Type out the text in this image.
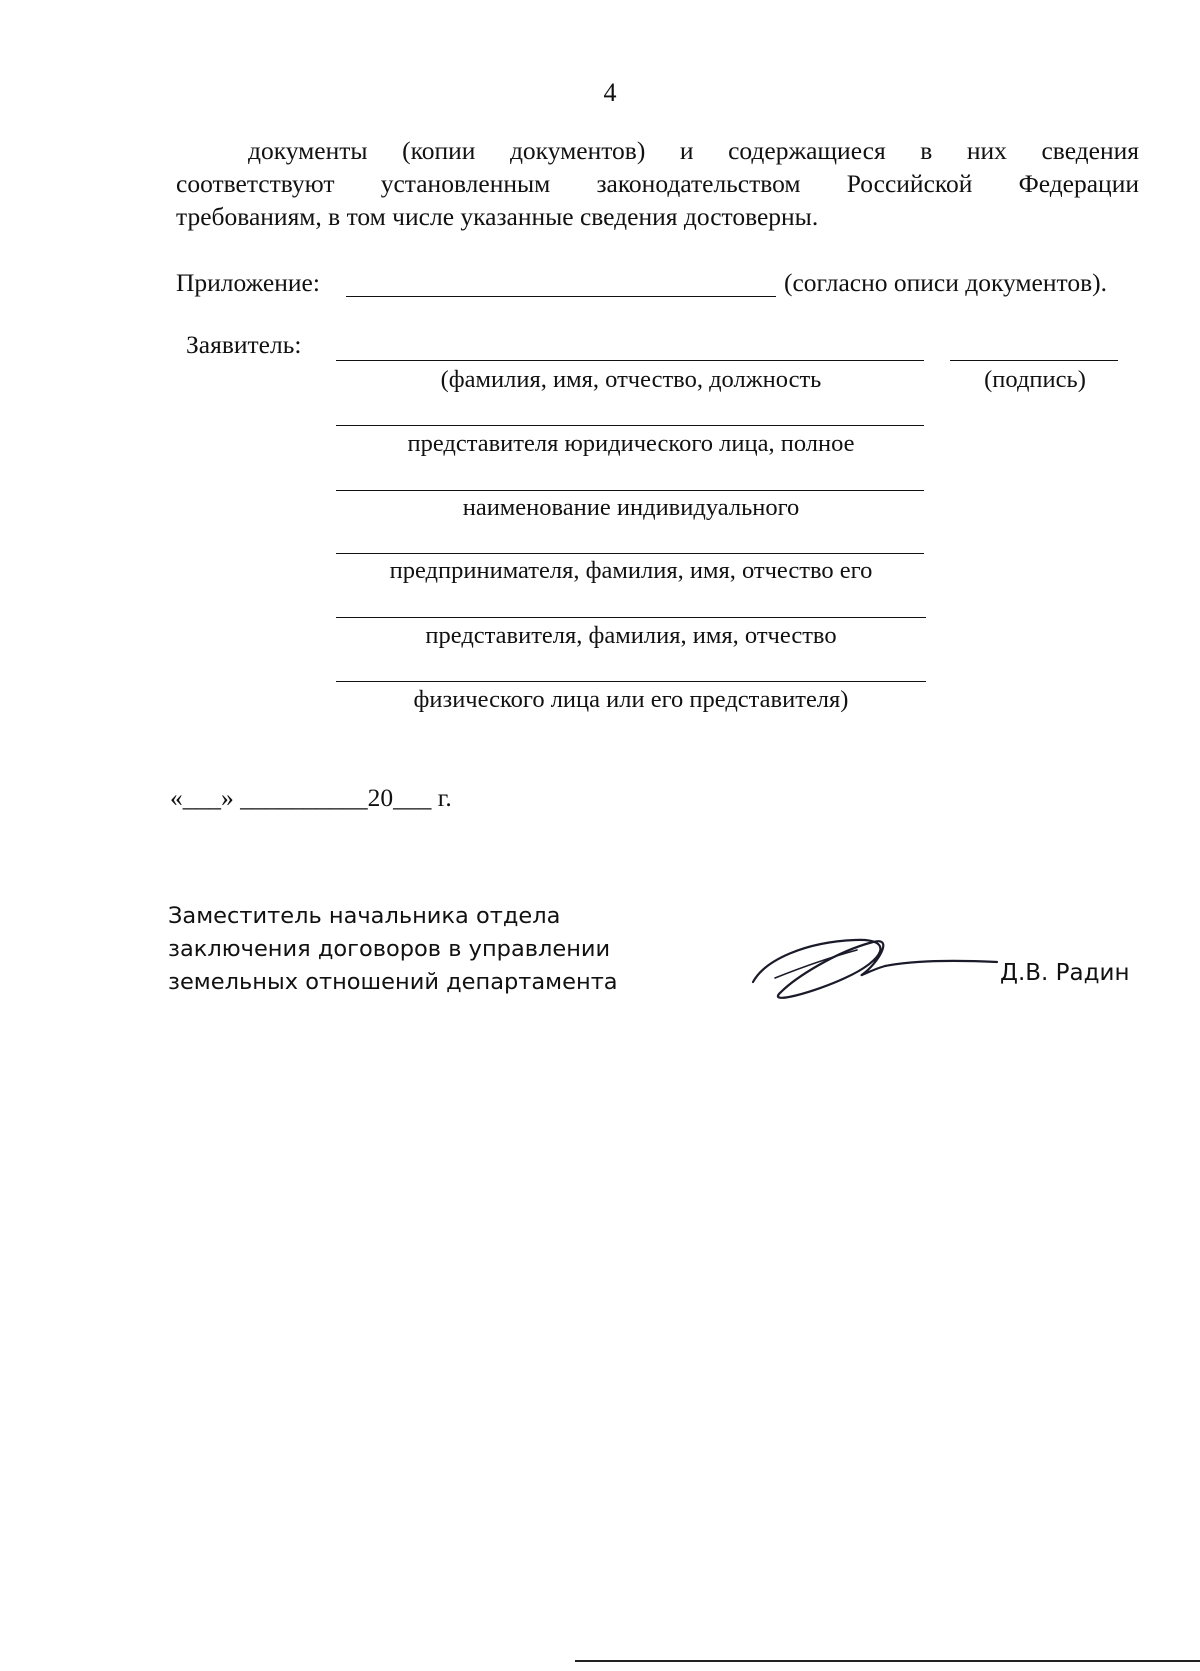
4
документы (копии документов) и содержащиеся в них сведения
соответствуют установленным законодательством Российской Федерации
требованиям, в том числе указанные сведения достоверны.
Приложение:	(согласно описи документов).
Заявитель:
(фамилия, имя, отчество, должность	(подпись)
представителя юридического лица, полное
наименование индивидуального
предпринимателя, фамилия, имя, отчество его
представителя, фамилия, имя, отчество
физического лица или его представителя)
«___» __________20___ г.
Заместитель начальника отдела
заключения договоров в управлении
земельных отношений департамента	Д.В. Радин
